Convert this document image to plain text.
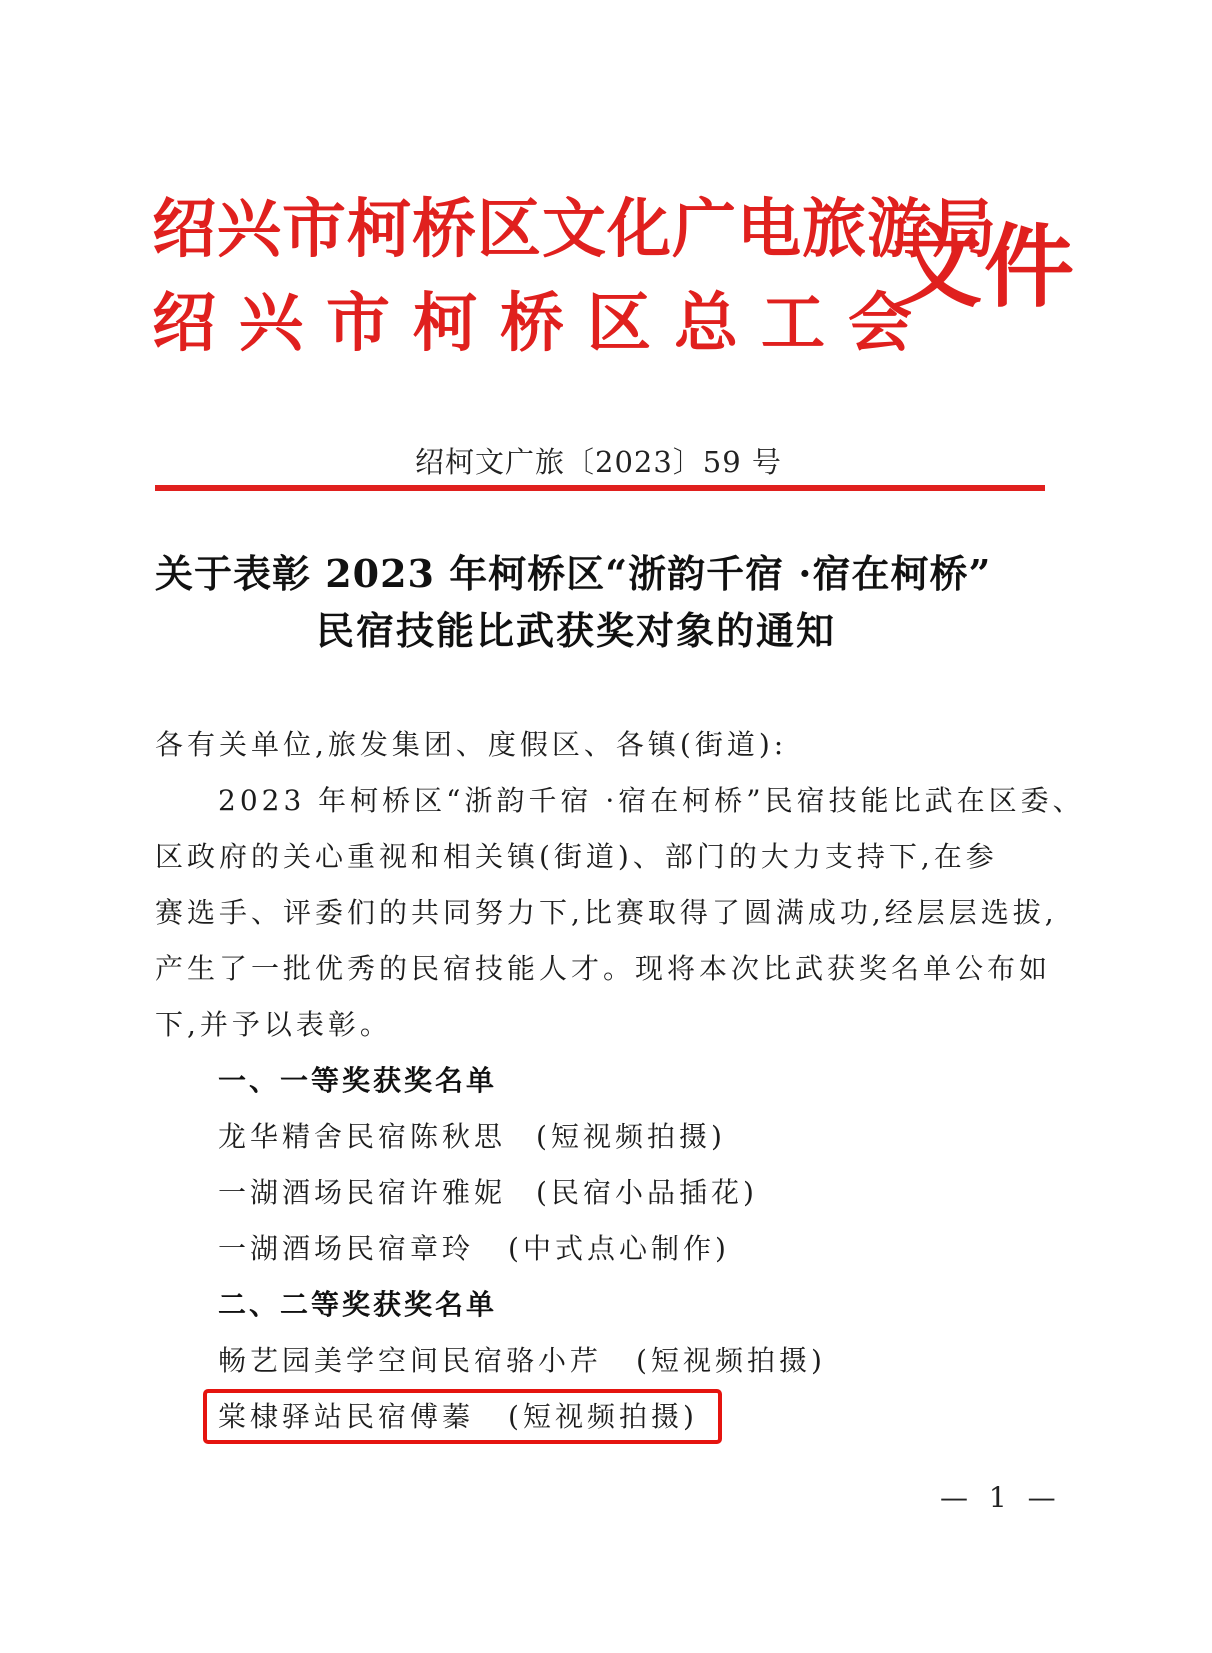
绍兴市柯桥区文化广电旅游局
绍兴市柯桥区总工会
文件
绍柯文广旅〔2023〕59 号
关于表彰 2023 年柯桥区“浙韵千宿 ·宿在柯桥”
民宿技能比武获奖对象的通知

各有关单位,旅发集团、度假区、各镇(街道):

2023 年柯桥区“浙韵千宿 ·宿在柯桥”民宿技能比武在区委、

区政府的关心重视和相关镇(街道)、部门的大力支持下,在参

赛选手、评委们的共同努力下,比赛取得了圆满成功,经层层选拔,

产生了一批优秀的民宿技能人才。现将本次比武获奖名单公布如

下,并予以表彰。

一、一等奖获奖名单
龙华精舍民宿陈秋思 (短视频拍摄)
一湖酒场民宿许雅妮 (民宿小品插花)
一湖酒场民宿章玲 (中式点心制作)
二、二等奖获奖名单
畅艺园美学空间民宿骆小芹 (短视频拍摄)
棠棣驿站民宿傅蓁 (短视频拍摄)
— 1 —
